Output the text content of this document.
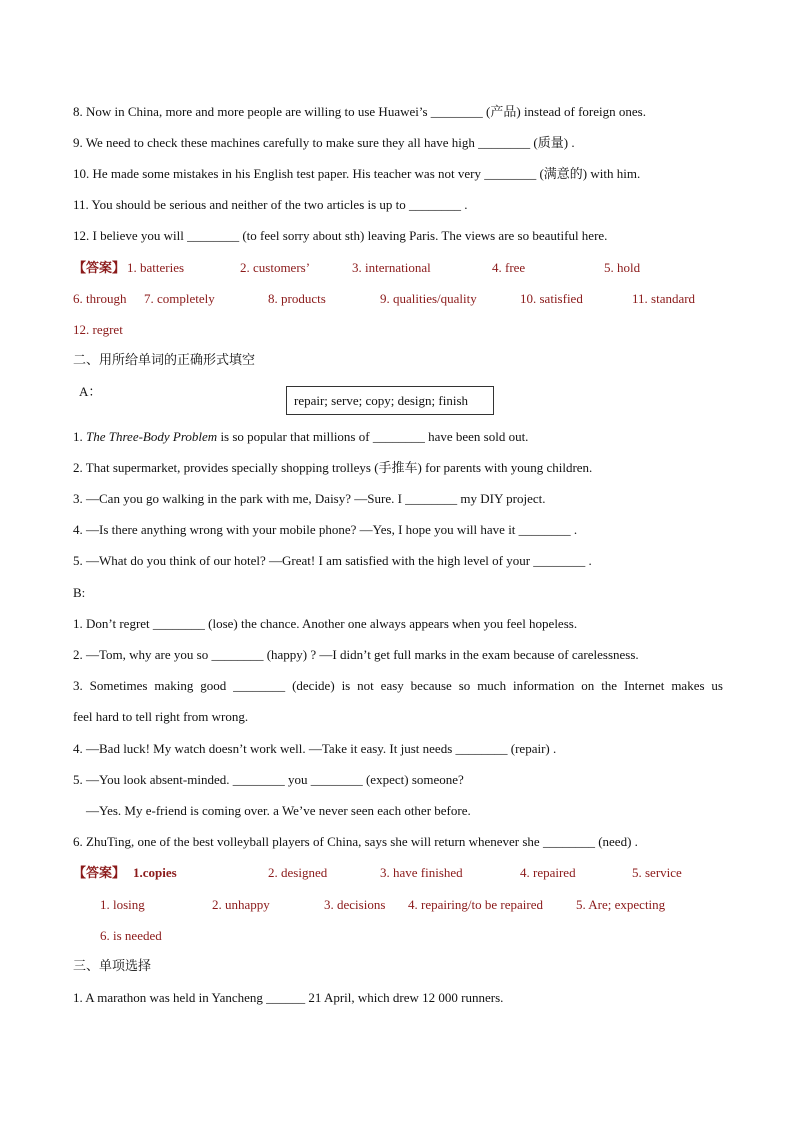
8. Now in China, more and more people are willing to use Huawei’s ________ (产品) instead of foreign ones.
9. We need to check these machines carefully to make sure they all have high ________ (质量) .
10. He made some mistakes in his English test paper. His teacher was not very ________ (满意的) with him.
11. You should be serious and neither of the two articles is up to ________ .
12. I believe you will ________ (to feel sorry about sth) leaving Paris. The views are so beautiful here.
【答案】 1. batteries	2. customers’	3. international	4. free	5. hold
6. through 7. completely	8. products	9. qualities/quality	10. satisfied	11. standard
12. regret
二、用所给单词的正确形式填空
A：
repair; serve; copy; design; finish
1. The Three-Body Problem is so popular that millions of ________ have been sold out.
2. That supermarket, provides specially shopping trolleys (手推车) for parents with young children.
3. —Can you go walking in the park with me, Daisy? —Sure. I ________ my DIY project.
4. —Is there anything wrong with your mobile phone? —Yes, I hope you will have it ________ .
5. —What do you think of our hotel? —Great! I am satisfied with the high level of your ________ .
B:
1. Don’t regret ________ (lose) the chance. Another one always appears when you feel hopeless.
2. —Tom, why are you so ________ (happy) ? —I didn’t get full marks in the exam because of carelessness.
3. Sometimes making good ________ (decide) is not easy because so much information on the Internet makes us
feel hard to tell right from wrong.
4. —Bad luck! My watch doesn’t work well. —Take it easy. It just needs ________ (repair) .
5. —You look absent-minded. ________ you ________ (expect) someone?
—Yes. My e-friend is coming over. a We’ve never seen each other before.
6. ZhuTing, one of the best volleyball players of China, says she will return whenever she ________ (need) .
【答案】 1.copies	2. designed	3. have finished	4. repaired	5. service
1. losing	2. unhappy	3. decisions 4. repairing/to be repaired	5. Are; expecting
6. is needed
三、单项选择
1. A marathon was held in Yancheng ______ 21 April, which drew 12 000 runners.
